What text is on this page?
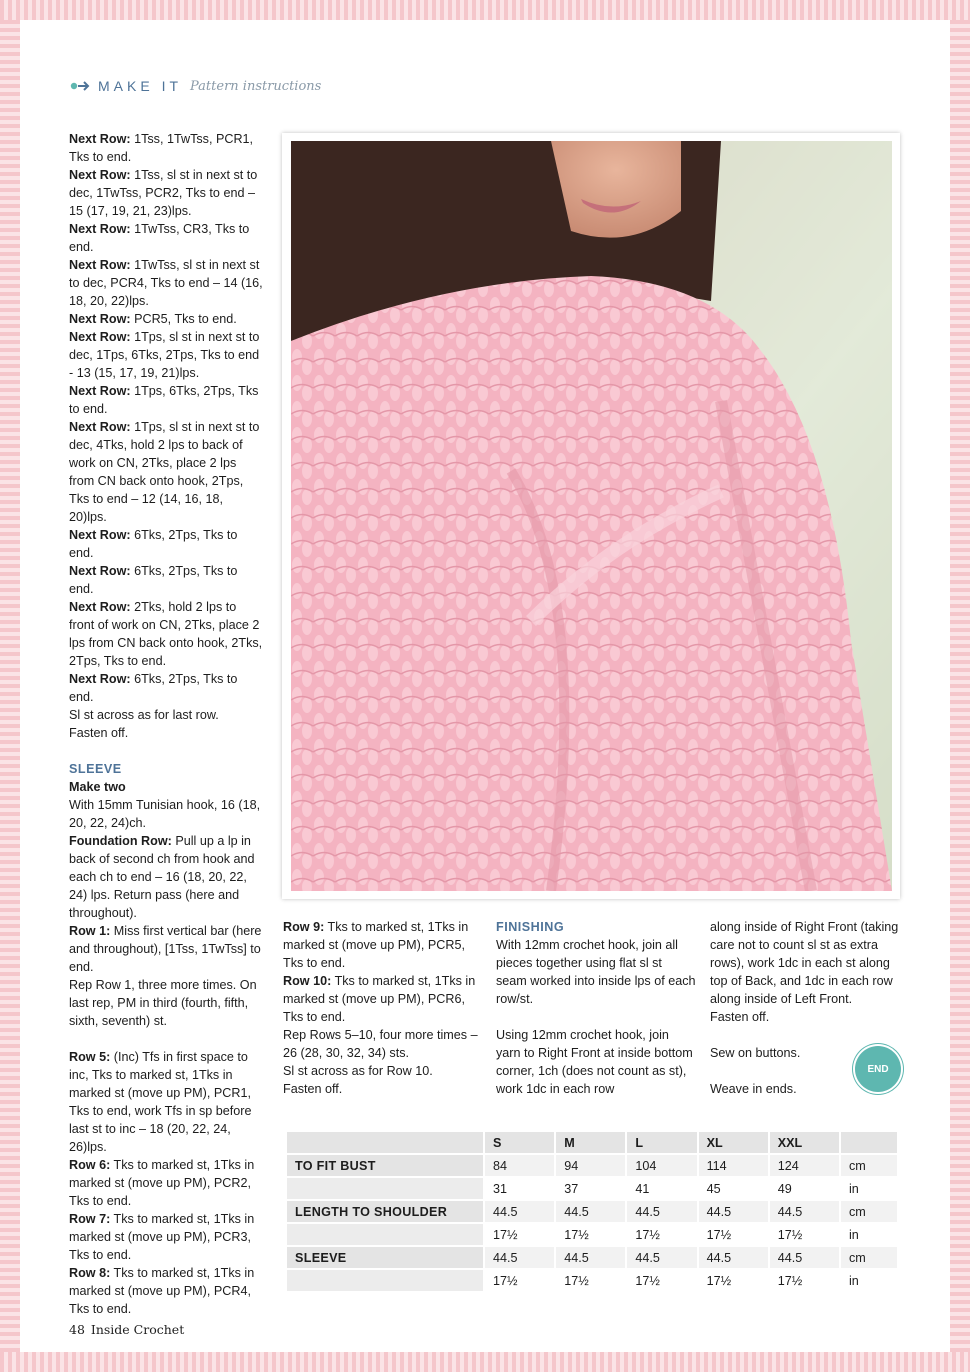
MAKE IT Pattern instructions

Next Row: 1Tss, 1TwTss, PCR1, Tks to end.

Next Row: 1Tss, sl st in next st to dec, 1TwTss, PCR2, Tks to end – 15 (17, 19, 21, 23)lps.

Next Row: 1TwTss, CR3, Tks to end.

Next Row: 1TwTss, sl st in next st to dec, PCR4, Tks to end – 14 (16, 18, 20, 22)lps.

Next Row: PCR5, Tks to end.

Next Row: 1Tps, sl st in next st to dec, 1Tps, 6Tks, 2Tps, Tks to end - 13 (15, 17, 19, 21)lps.

Next Row: 1Tps, 6Tks, 2Tps, Tks to end.

Next Row: 1Tps, sl st in next st to dec, 4Tks, hold 2 lps to back of work on CN, 2Tks, place 2 lps from CN back onto hook, 2Tps, Tks to end – 12 (14, 16, 18, 20)lps.

Next Row: 6Tks, 2Tps, Tks to end.

Next Row: 6Tks, 2Tps, Tks to end.

Next Row: 2Tks, hold 2 lps to front of work on CN, 2Tks, place 2 lps from CN back onto hook, 2Tks, 2Tps, Tks to end.

Next Row: 6Tks, 2Tps, Tks to end.

Sl st across as for last row.

Fasten off.

SLEEVE

Make two

With 15mm Tunisian hook, 16 (18, 20, 22, 24)ch.

Foundation Row: Pull up a lp in back of second ch from hook and each ch to end – 16 (18, 20, 22, 24) lps. Return pass (here and throughout).

Row 1: Miss first vertical bar (here and throughout), [1Tss, 1TwTss] to end.

Rep Row 1, three more times. On last rep, PM in third (fourth, fifth, sixth, seventh) st.

Row 5: (Inc) Tfs in first space to inc, Tks to marked st, 1Tks in marked st (move up PM), PCR1, Tks to end, work Tfs in sp before last st to inc – 18 (20, 22, 24, 26)lps.

Row 6: Tks to marked st, 1Tks in marked st (move up PM), PCR2, Tks to end.

Row 7: Tks to marked st, 1Tks in marked st (move up PM), PCR3, Tks to end.

Row 8: Tks to marked st, 1Tks in marked st (move up PM), PCR4, Tks to end.

Row 9: Tks to marked st, 1Tks in marked st (move up PM), PCR5, Tks to end.

Row 10: Tks to marked st, 1Tks in marked st (move up PM), PCR6, Tks to end.

Rep Rows 5–10, four more times – 26 (28, 30, 32, 34) sts.

Sl st across as for Row 10.

Fasten off.

FINISHING

With 12mm crochet hook, join all pieces together using flat sl st seam worked into inside lps of each row/st.

Using 12mm crochet hook, join yarn to Right Front at inside bottom corner, 1ch (does not count as st), work 1dc in each row

along inside of Right Front (taking care not to count sl st as extra rows), work 1dc in each st along top of Back, and 1dc in each row along inside of Left Front.

Fasten off.

Sew on buttons.

Weave in ends.

END
	S	M	L	XL	XXL	
TO FIT BUST	84	94	104	114	124	cm
	31	37	41	45	49	in
LENGTH TO SHOULDER	44.5	44.5	44.5	44.5	44.5	cm
	17½	17½	17½	17½	17½	in
SLEEVE	44.5	44.5	44.5	44.5	44.5	cm
	17½	17½	17½	17½	17½	in
48 Inside Crochet
